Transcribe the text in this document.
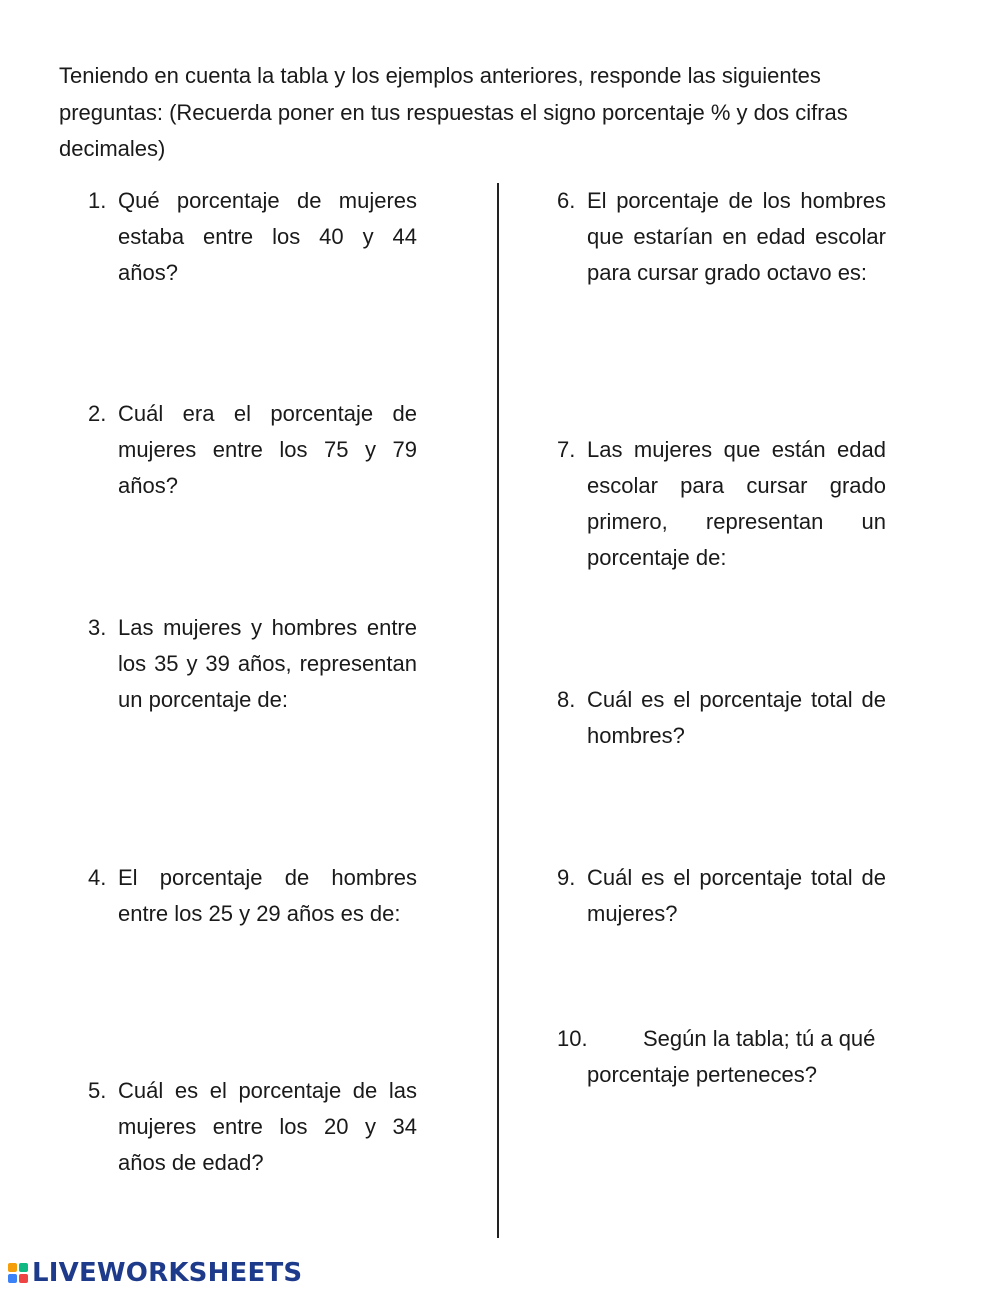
Teniendo en cuenta la tabla y los ejemplos anteriores, responde las siguientes preguntas: (Recuerda poner en tus respuestas el signo porcentaje % y dos cifras decimales)
1. Qué porcentaje de mujeres estaba entre los 40 y 44 años?
2. Cuál era el porcentaje de mujeres entre los 75 y 79 años?
3. Las mujeres y hombres entre los 35 y 39 años, representan un porcentaje de:
4. El porcentaje de hombres entre los 25 y 29 años es de:
5. Cuál es el porcentaje de las mujeres entre los 20 y 34 años de edad?
6. El porcentaje de los hombres que estarían en edad escolar para cursar grado octavo es:
7. Las mujeres que están edad escolar para cursar grado primero, representan un porcentaje de:
8. Cuál es el porcentaje total de hombres?
9. Cuál es el porcentaje total de mujeres?
10.	Según la tabla; tú a qué porcentaje perteneces?
LIVEWORKSHEETS
